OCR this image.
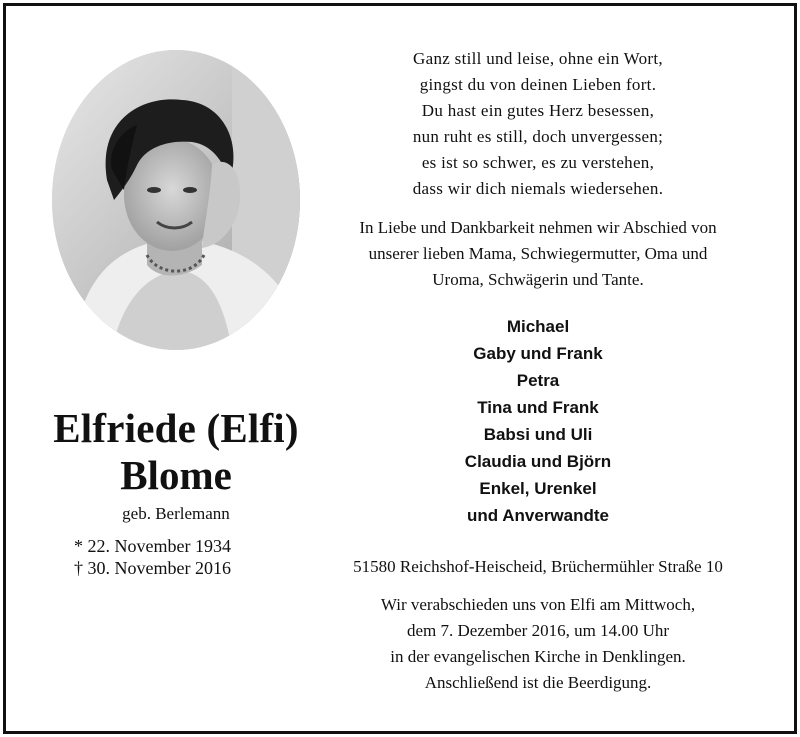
Elfriede (Elfi)
Blome
geb. Berlemann
* 22. November 1934
† 30. November 2016
Ganz still und leise, ohne ein Wort,
gingst du von deinen Lieben fort.
Du hast ein gutes Herz besessen,
nun ruht es still, doch unvergessen;
es ist so schwer, es zu verstehen,
dass wir dich niemals wiedersehen.
In Liebe und Dankbarkeit nehmen wir Abschied von
unserer lieben Mama, Schwiegermutter, Oma und
Uroma, Schwägerin und Tante.
Michael
Gaby und Frank
Petra
Tina und Frank
Babsi und Uli
Claudia und Björn
Enkel, Urenkel
und Anverwandte
51580 Reichshof-Heischeid, Brüchermühler Straße 10
Wir verabschieden uns von Elfi am Mittwoch,
dem 7. Dezember 2016, um 14.00 Uhr
in der evangelischen Kirche in Denklingen.
Anschließend ist die Beerdigung.
